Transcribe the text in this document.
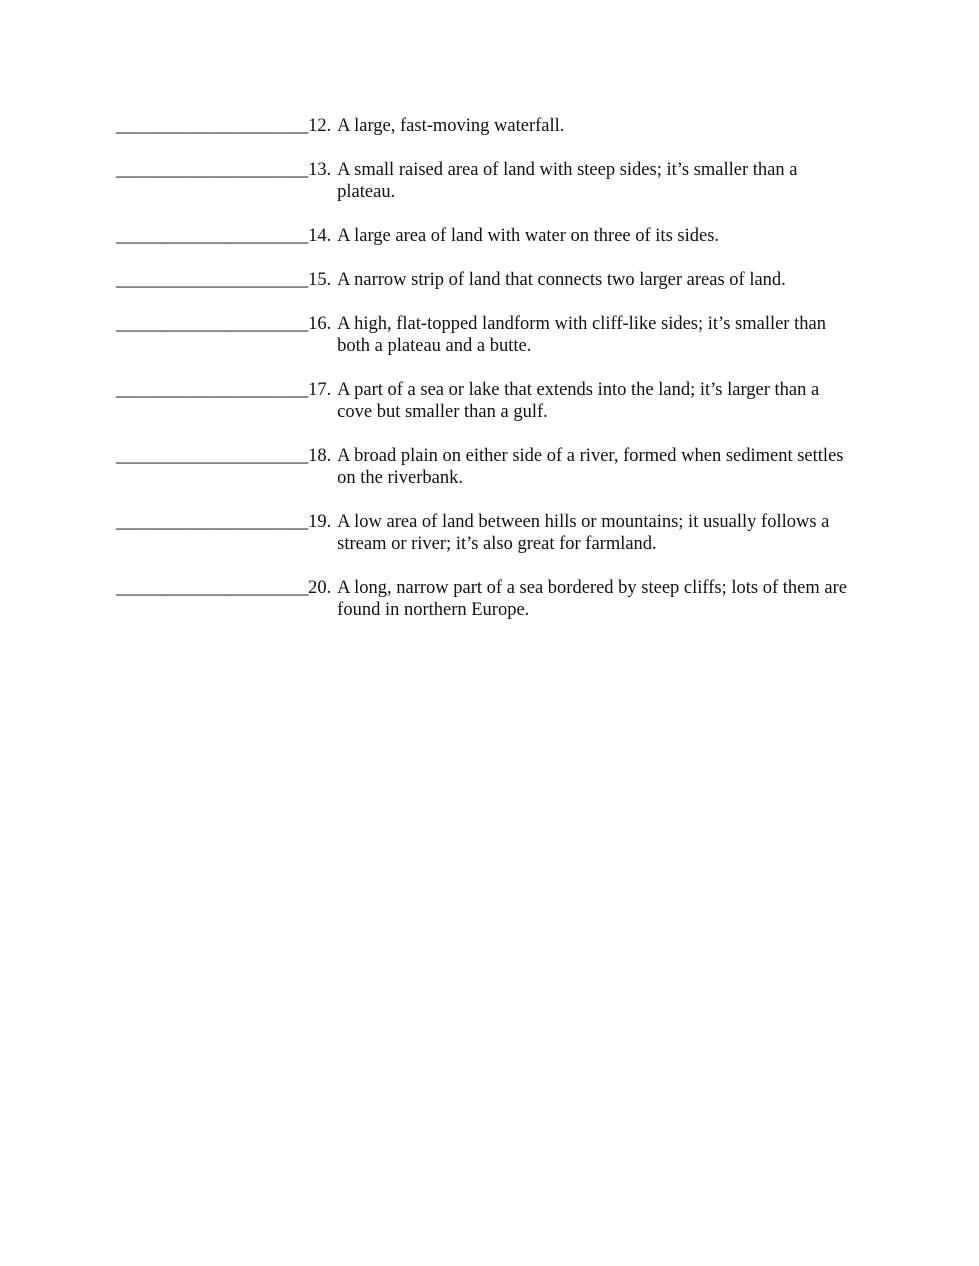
_____________________ 12. A large, fast-moving waterfall.
_____________________ 13. A small raised area of land with steep sides; it’s smaller than a plateau.
_____________________ 14. A large area of land with water on three of its sides.
_____________________ 15. A narrow strip of land that connects two larger areas of land.
_____________________ 16. A high, flat-topped landform with cliff-like sides; it’s smaller than both a plateau and a butte.
_____________________ 17. A part of a sea or lake that extends into the land; it’s larger than a cove but smaller than a gulf.
_____________________ 18. A broad plain on either side of a river, formed when sediment settles on the riverbank.
_____________________ 19. A low area of land between hills or mountains; it usually follows a stream or river; it’s also great for farmland.
_____________________ 20. A long, narrow part of a sea bordered by steep cliffs; lots of them are found in northern Europe.
